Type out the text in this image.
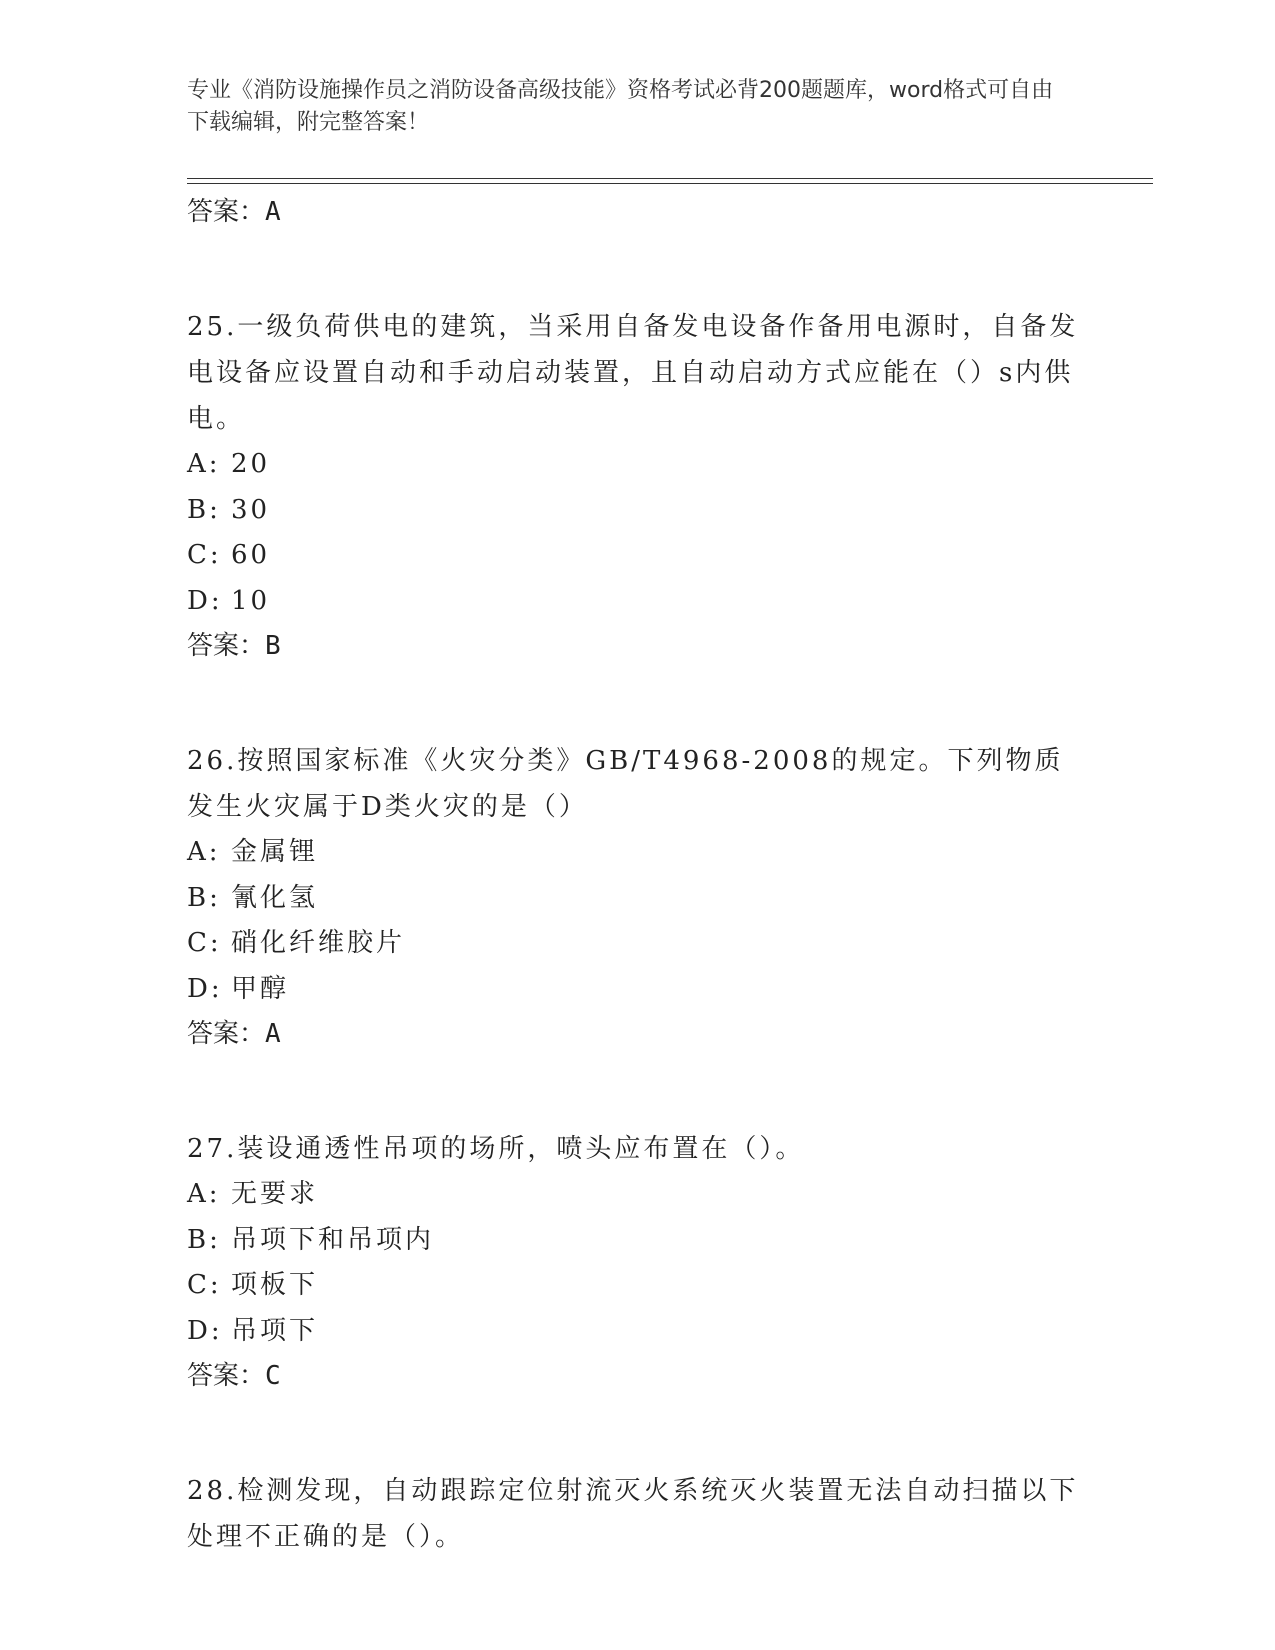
专业《消防设施操作员之消防设备高级技能》资格考试必背200题题库，word格式可自由下载编辑，附完整答案！
答案：A
25.一级负荷供电的建筑，当采用自备发电设备作备用电源时，自备发电设备应设置自动和手动启动装置，且自动启动方式应能在（）s内供电。
A: 20
B: 30
C: 60
D: 10
答案：B
26.按照国家标准《火灾分类》GB/T4968-2008的规定。下列物质发生火灾属于D类火灾的是（）
A: 金属锂
B: 氰化氢
C: 硝化纤维胶片
D: 甲醇
答案：A
27.装设通透性吊项的场所，喷头应布置在（）。
A: 无要求
B: 吊项下和吊项内
C: 项板下
D: 吊项下
答案：C
28.检测发现，自动跟踪定位射流灭火系统灭火装置无法自动扫描以下处理不正确的是（）。
